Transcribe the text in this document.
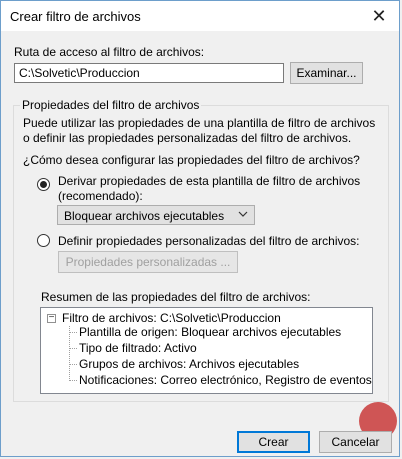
Crear filtro de archivos	✕
Ruta de acceso al filtro de archivos:
C:\Solvetic\Produccion	Examinar...
Propiedades del filtro de archivos
Puede utilizar las propiedades de una plantilla de filtro de archivos o definir las propiedades personalizadas del filtro de archivos.
¿Cómo desea configurar las propiedades del filtro de archivos?
Derivar propiedades de esta plantilla de filtro de archivos
(recomendado):
Bloquear archivos ejecutables
Definir propiedades personalizadas del filtro de archivos:
Propiedades personalizadas ...
Resumen de las propiedades del filtro de archivos:
− Filtro de archivos: C:\Solvetic\Produccion
Plantilla de origen: Bloquear archivos ejecutables
Tipo de filtrado: Activo
Grupos de archivos: Archivos ejecutables
Notificaciones: Correo electrónico, Registro de eventos
Crear	Cancelar
